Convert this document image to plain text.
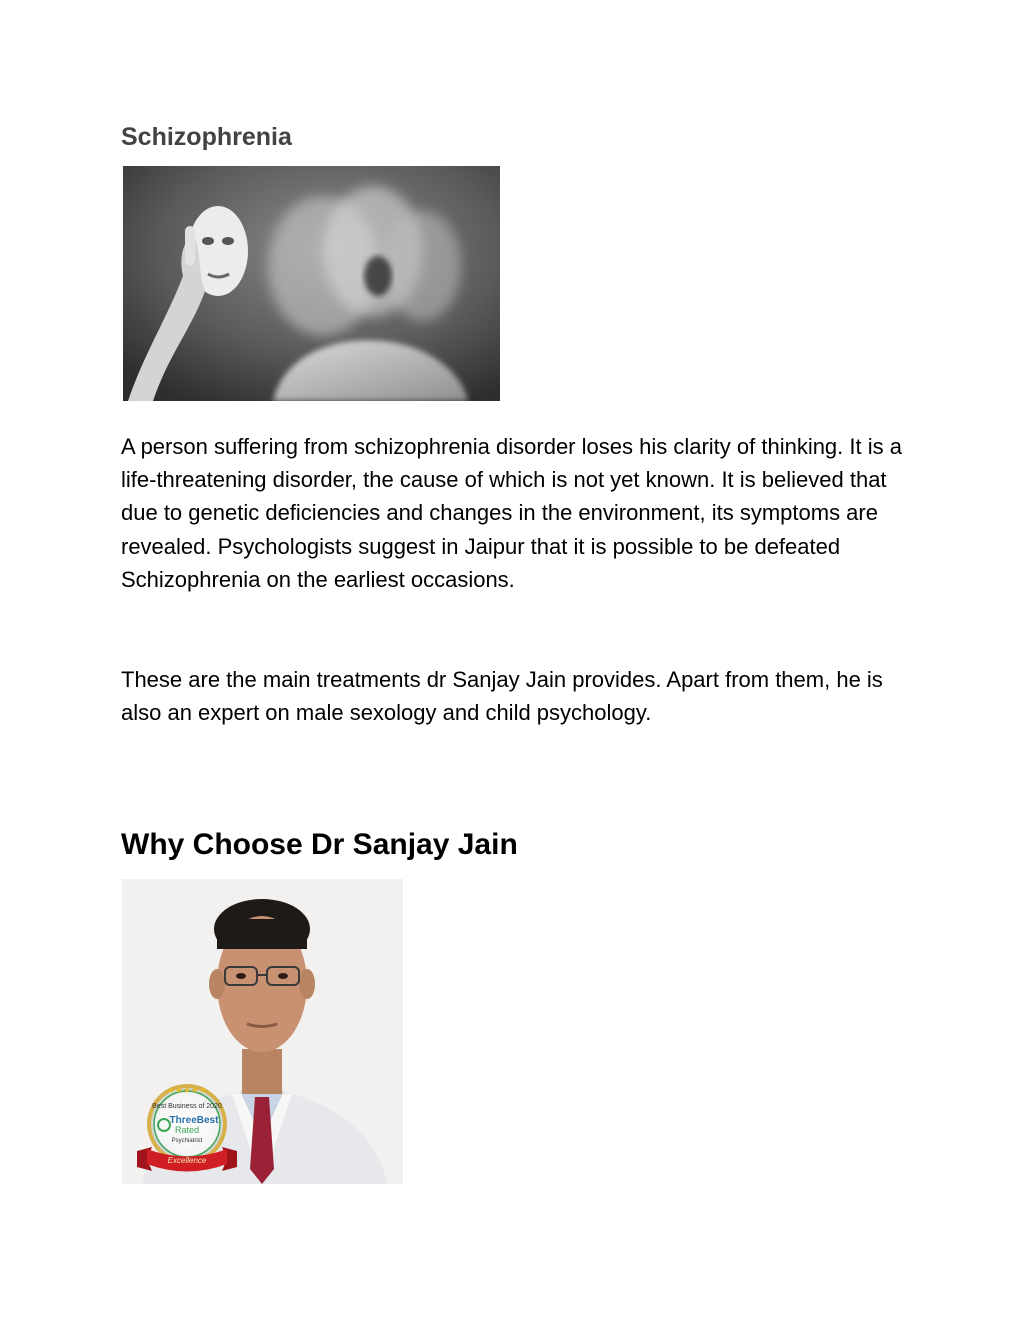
Schizophrenia

A person suffering from schizophrenia disorder loses his clarity of thinking. It is a life-threatening disorder, the cause of which is not yet known. It is believed that due to genetic deficiencies and changes in the environment, its symptoms are revealed. Psychologists suggest in Jaipur that it is possible to be defeated Schizophrenia on the earliest occasions.

These are the main treatments dr Sanjay Jain provides. Apart from them, he is also an expert on male sexology and child psychology.

Why Choose Dr Sanjay Jain
Best Business of 2020
ThreeBest
Rated
Psychiatrist
Excellence
★★★★★
